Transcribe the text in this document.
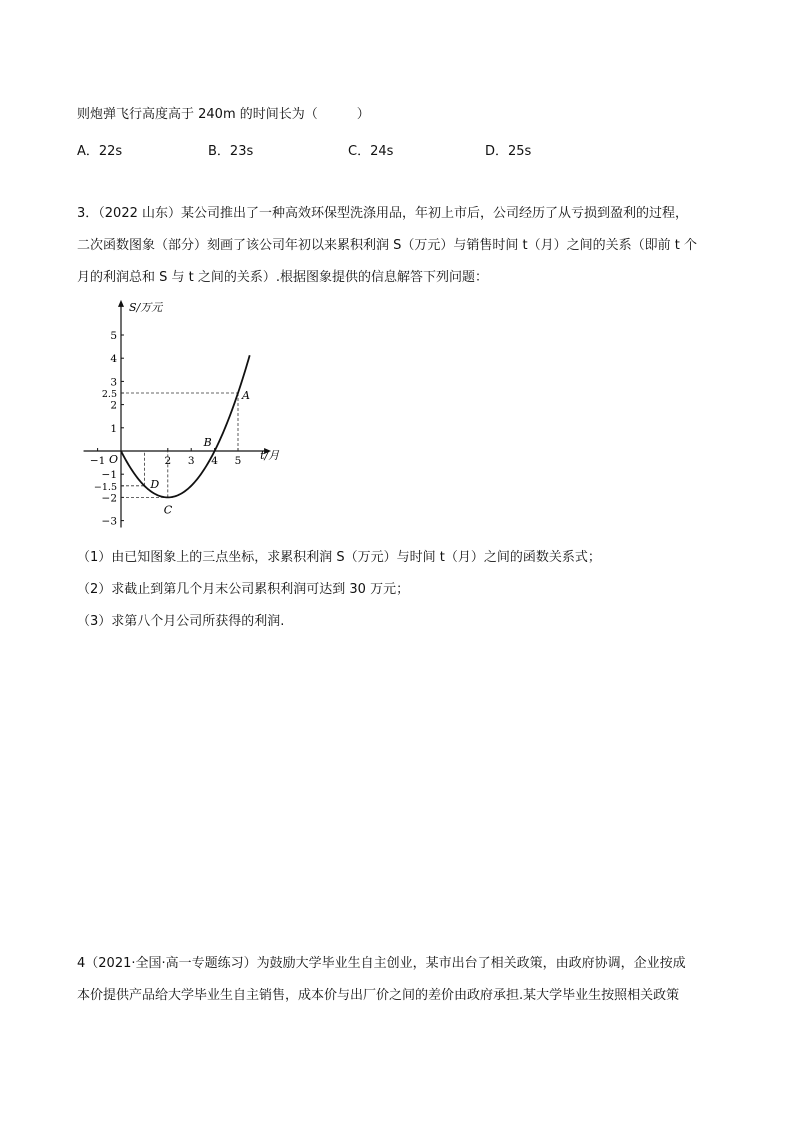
则炮弹飞行高度高于 240m 的时间长为（　　　）
A．22s	B．23s	C．24s	D．25s
3．（2022 山东）某公司推出了一种高效环保型洗涤用品，年初上市后，公司经历了从亏损到盈利的过程，
二次函数图象（部分）刻画了该公司年初以来累积利润 S（万元）与销售时间 t（月）之间的关系（即前 t 个
月的利润总和 S 与 t 之间的关系）.根据图象提供的信息解答下列问题：
S/万元
t/月
O
−1	2 3 4 5
5
4
3
2.5
2
1
−1
−1.5
−2
−3
A
B
C
D
（1）由已知图象上的三点坐标，求累积利润 S（万元）与时间 t（月）之间的函数关系式；
（2）求截止到第几个月末公司累积利润可达到 30 万元；
（3）求第八个月公司所获得的利润.
4（2021·全国·高一专题练习）为鼓励大学毕业生自主创业，某市出台了相关政策，由政府协调，企业按成
本价提供产品给大学毕业生自主销售，成本价与出厂价之间的差价由政府承担.某大学毕业生按照相关政策
